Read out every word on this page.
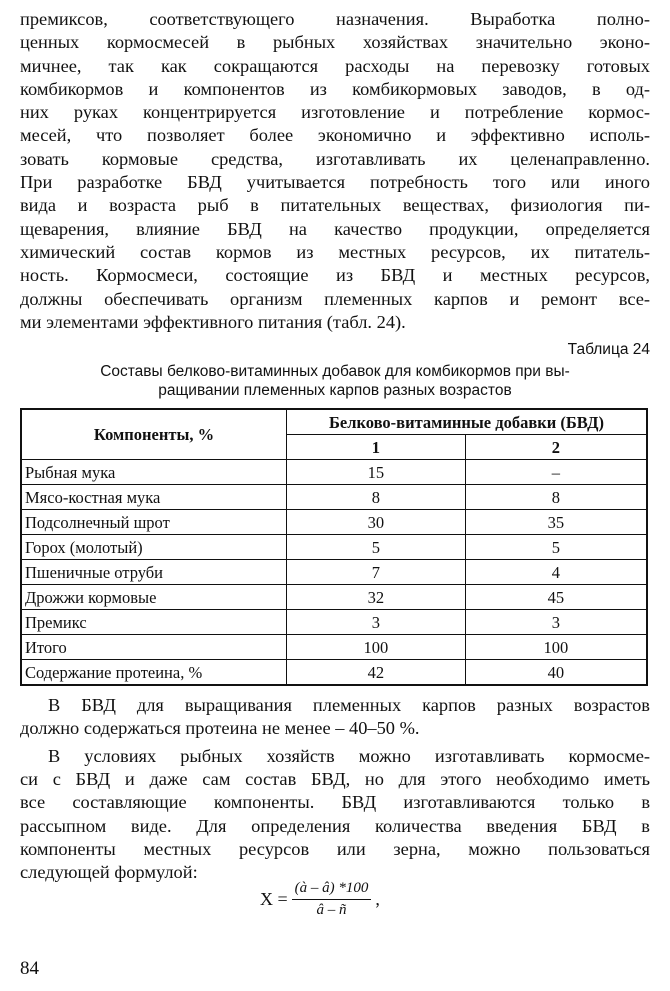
премиксов, соответствующего назначения. Выработка полно-
ценных кормосмесей в рыбных хозяйствах значительно эконо-
мичнее, так как сокращаются расходы на перевозку готовых
комбикормов и компонентов из комбикормовых заводов, в од-
них руках концентрируется изготовление и потребление кормос-
месей, что позволяет более экономично и эффективно исполь-
зовать кормовые средства, изготавливать их целенаправленно.
При разработке БВД учитывается потребность того или иного
вида и возраста рыб в питательных веществах, физиология пи-
щеварения, влияние БВД на качество продукции, определяется
химический состав кормов из местных ресурсов, их питатель-
ность. Кормосмеси, состоящие из БВД и местных ресурсов,
должны обеспечивать организм племенных карпов и ремонт все-
ми элементами эффективного питания (табл. 24).

Таблица 24
Составы белково-витаминных добавок для комбикормов при вы-
ращивании племенных карпов разных возрастов
Компоненты, %	Белково-витаминные добавки (БВД)	
	1	2
Рыбная мука	15	–
Мясо-костная мука	8	8
Подсолнечный шрот	30	35
Горох (молотый)	5	5
Пшеничные отруби	7	4
Дрожжи кормовые	32	45
Премикс	3	3
Итого	100	100
Содержание протеина, %	42	40

В БВД для выращивания племенных карпов разных возрастов
должно содержаться протеина не менее – 40–50 %.

В условиях рыбных хозяйств можно изготавливать кормосме-
си с БВД и даже сам состав БВД, но для этого необходимо иметь
все составляющие компоненты. БВД изготавливаются только в
рассыпном виде. Для определения количества введения БВД в
компоненты местных ресурсов или зерна, можно пользоваться
следующей формулой:

$X = \frac{(à - â) *100}{â - ñ}$ ,
84
